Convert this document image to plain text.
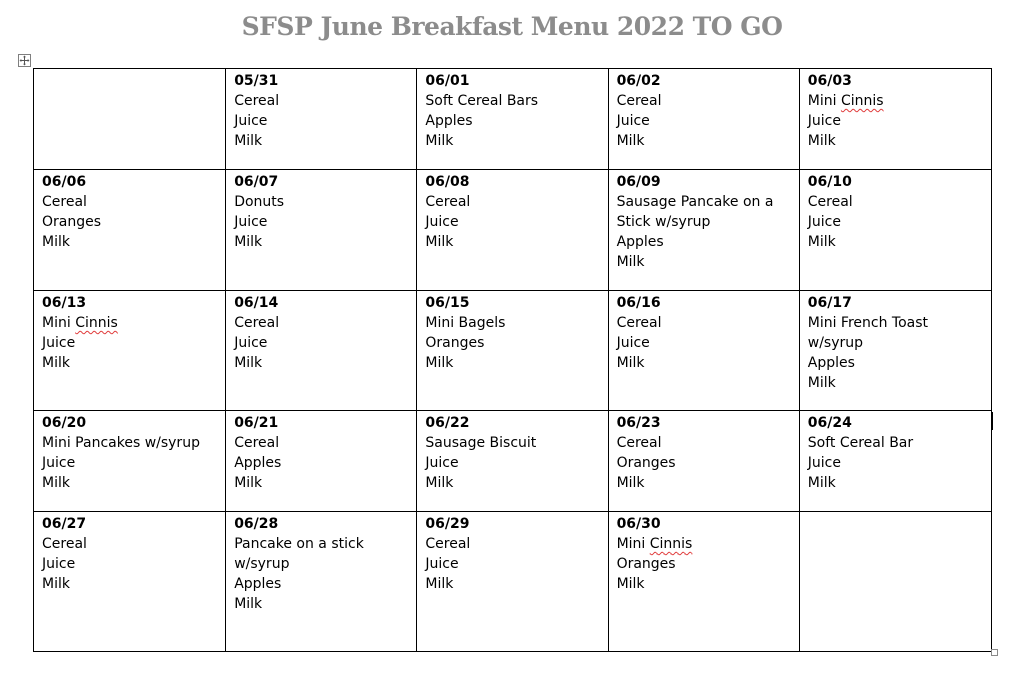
SFSP June Breakfast Menu 2022 TO GO

	05/31
Cereal
Juice
Milk	06/01
Soft Cereal Bars
Apples
Milk	06/02
Cereal
Juice
Milk	06/03
Mini Cinnis
Juice
Milk

06/06
Cereal
Oranges
Milk	06/07
Donuts
Juice
Milk	06/08
Cereal
Juice
Milk	06/09
Sausage Pancake on a
Stick w/syrup
Apples
Milk	06/10
Cereal
Juice
Milk

06/13
Mini Cinnis
Juice
Milk	06/14
Cereal
Juice
Milk	06/15
Mini Bagels
Oranges
Milk	06/16
Cereal
Juice
Milk	06/17
Mini French Toast
w/syrup
Apples
Milk

06/20
Mini Pancakes w/syrup
Juice
Milk	06/21
Cereal
Apples
Milk	06/22
Sausage Biscuit
Juice
Milk	06/23
Cereal
Oranges
Milk	06/24
Soft Cereal Bar
Juice
Milk

06/27
Cereal
Juice
Milk	06/28
Pancake on a stick
w/syrup
Apples
Milk	06/29
Cereal
Juice
Milk	06/30
Mini Cinnis
Oranges
Milk	
